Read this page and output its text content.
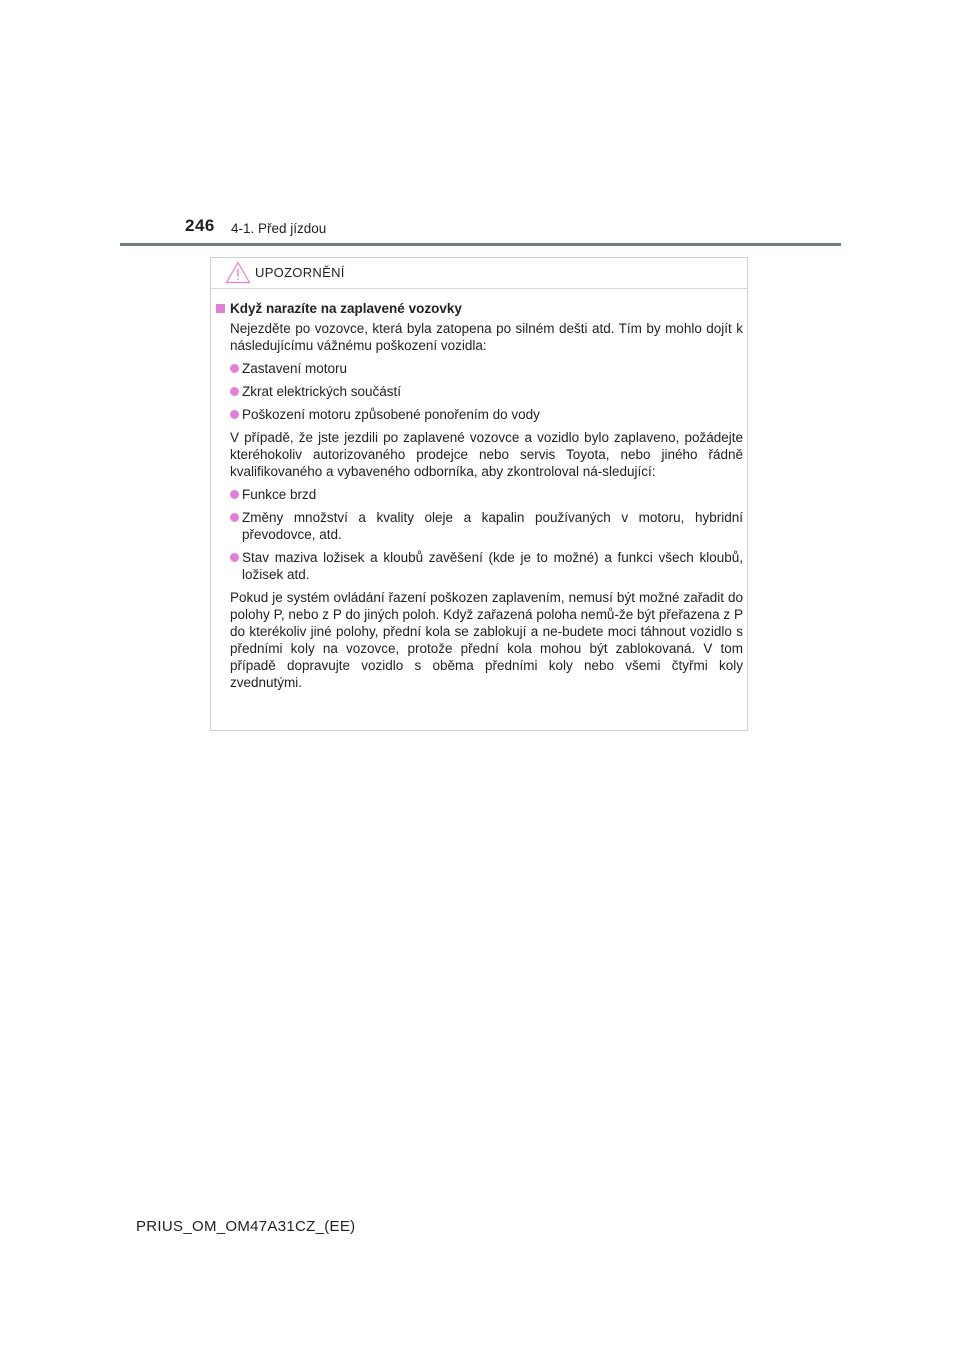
246 4-1. Před jízdou
UPOZORNĚNÍ
Když narazíte na zaplavené vozovky
Nejezděte po vozovce, která byla zatopena po silném dešti atd. Tím by mohlo dojít k následujícímu vážnému poškození vozidla:
Zastavení motoru
Zkrat elektrických součástí
Poškození motoru způsobené ponořením do vody
V případě, že jste jezdili po zaplavené vozovce a vozidlo bylo zaplaveno, požádejte kteréhokoliv autorizovaného prodejce nebo servis Toyota, nebo jiného řádně kvalifikovaného a vybaveného odborníka, aby zkontroloval ná-sledující:
Funkce brzd
Změny množství a kvality oleje a kapalin používaných v motoru, hybridní převodovce, atd.
Stav maziva ložisek a kloubů zavěšení (kde je to možné) a funkci všech kloubů, ložisek atd.
Pokud je systém ovládání řazení poškozen zaplavením, nemusí být možné zařadit do polohy P, nebo z P do jiných poloh. Když zařazená poloha nemů-že být přeřazena z P do kterékoliv jiné polohy, přední kola se zablokují a ne-budete moci táhnout vozidlo s předními koly na vozovce, protože přední kola mohou být zablokovaná. V tom případě dopravujte vozidlo s oběma předními koly nebo všemi čtyřmi koly zvednutými.
PRIUS_OM_OM47A31CZ_(EE)
